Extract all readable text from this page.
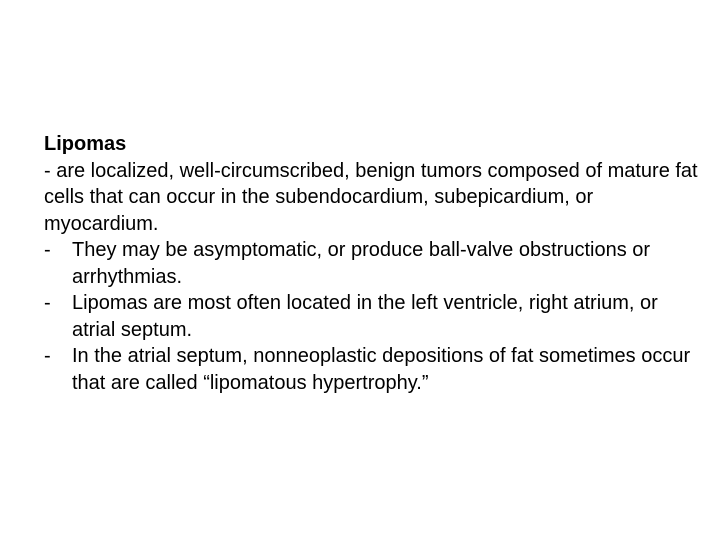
Lipomas

- are localized, well-circumscribed, benign tumors composed of mature fat cells that can occur in the subendocardium, subepicardium, or myocardium.

- They may be asymptomatic, or produce ball-valve obstructions or arrhythmias.
- Lipomas are most often located in the left ventricle, right atrium, or atrial septum.
- In the atrial septum, nonneoplastic depositions of fat sometimes occur that are called “lipomatous hypertrophy.”
